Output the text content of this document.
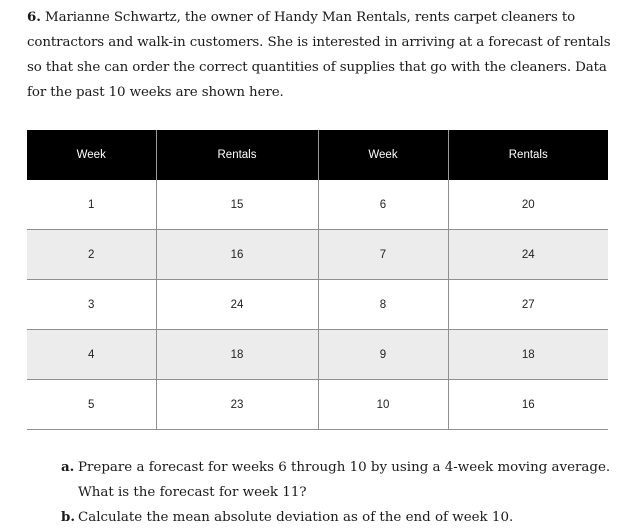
6. Marianne Schwartz, the owner of Handy Man Rentals, rents carpet cleaners to contractors and walk-in customers. She is interested in arriving at a forecast of rentals so that she can order the correct quantities of supplies that go with the cleaners. Data for the past 10 weeks are shown here.
Week	Rentals	Week	Rentals
1	15	6	20
2	16	7	24
3	24	8	27
4	18	9	18
5	23	10	16
a. Prepare a forecast for weeks 6 through 10 by using a 4-week moving average. What is the forecast for week 11?
b. Calculate the mean absolute deviation as of the end of week 10.
